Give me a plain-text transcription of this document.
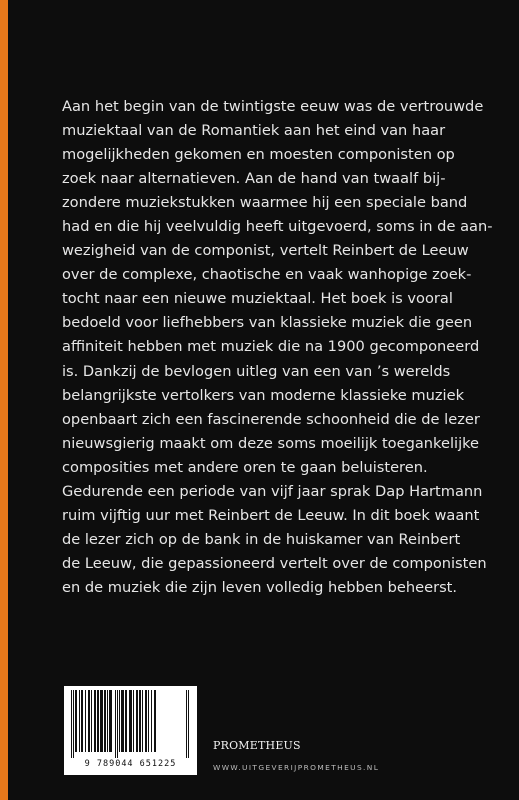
Aan het begin van de twintigste eeuw was de vertrouwde
muziektaal van de Romantiek aan het eind van haar
mogelijkheden gekomen en moesten componisten op
zoek naar alternatieven. Aan de hand van twaalf bij-
zondere muziekstukken waarmee hij een speciale band
had en die hij veelvuldig heeft uitgevoerd, soms in de aan-
wezigheid van de componist, vertelt Reinbert de Leeuw
over de complexe, chaotische en vaak wanhopige zoek-
tocht naar een nieuwe muziektaal. Het boek is vooral
bedoeld voor liefhebbers van klassieke muziek die geen
affiniteit hebben met muziek die na 1900 gecomponeerd
is. Dankzij de bevlogen uitleg van een van ’s werelds
belangrijkste vertolkers van moderne klassieke muziek
openbaart zich een fascinerende schoonheid die de lezer
nieuwsgierig maakt om deze soms moeilijk toegankelijke
composities met andere oren te gaan beluisteren.
Gedurende een periode van vijf jaar sprak Dap Hartmann
ruim vijftig uur met Reinbert de Leeuw. In dit boek waant
de lezer zich op de bank in de huiskamer van Reinbert
de Leeuw, die gepassioneerd vertelt over de componisten
en de muziek die zijn leven volledig hebben beheerst.

9 789044 651225
PROMETHEUS
WWW.UITGEVERIJPROMETHEUS.NL
